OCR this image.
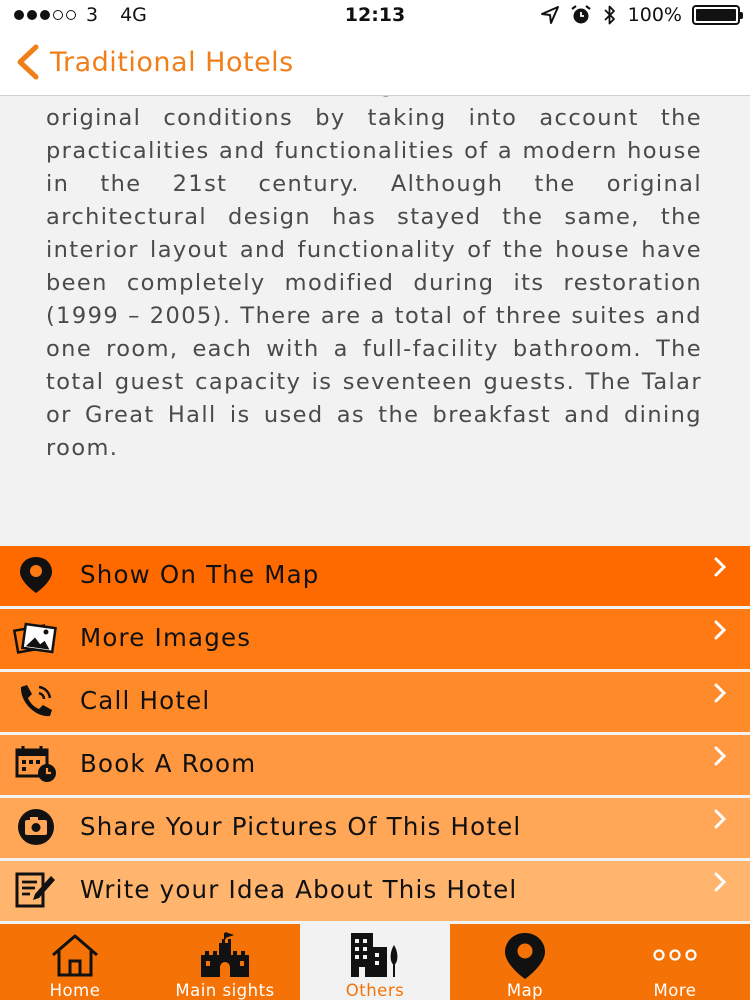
3 4G	12:13	100%
Traditional Hotels

original conditions by taking into account the practicalities and functionalities of a modern house in the 21st century. Although the original architectural design has stayed the same, the interior layout and functionality of the house have been completely modified during its restoration (1999 – 2005). There are a total of three suites and one room, each with a full-facility bathroom. The total guest capacity is seventeen guests. The Talar or Great Hall is used as the breakfast and dining room.

Show On The Map
More Images
Call Hotel
Book A Room
Share Your Pictures Of This Hotel
Write your Idea About This Hotel
Home	Main sights	Others	Map	More
